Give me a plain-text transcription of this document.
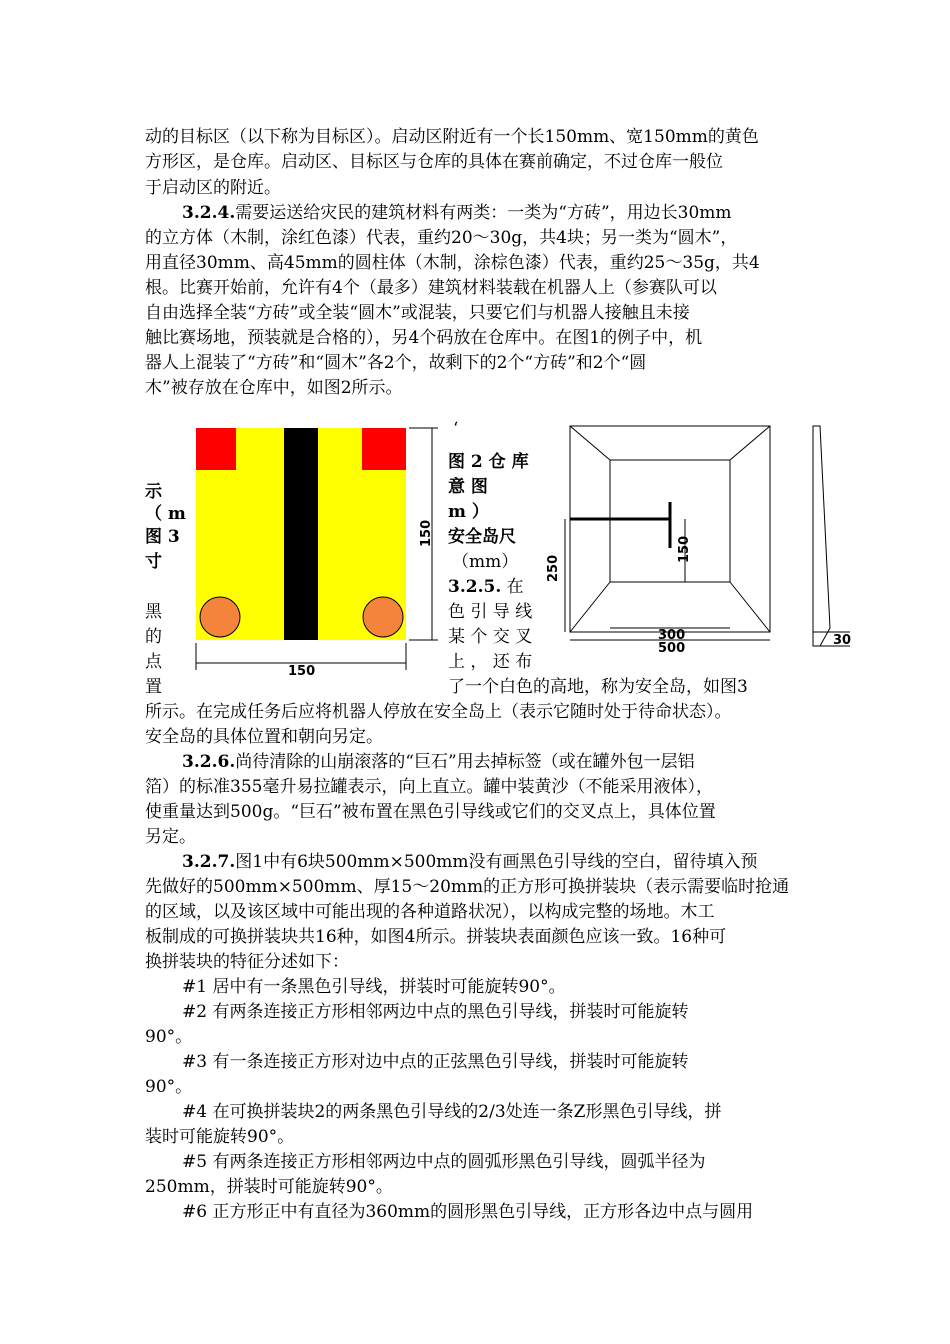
动的目标区（以下称为目标区）。启动区附近有一个长150mm、宽150mm的黄色
方形区，是仓库。启动区、目标区与仓库的具体在赛前确定，不过仓库一般位
于启动区的附近。
3.2.4.需要运送给灾民的建筑材料有两类：一类为“方砖”，用边长30mm
的立方体（木制，涂红色漆）代表，重约20～30g，共4块；另一类为“圆木”，
用直径30mm、高45mm的圆柱体（木制，涂棕色漆）代表，重约25～35g，共4
根。比赛开始前，允许有4个（最多）建筑材料装载在机器人上（参赛队可以
自由选择全装“方砖”或全装“圆木”或混装，只要它们与机器人接触且未接
触比赛场地，预装就是合格的），另4个码放在仓库中。在图1的例子中，机
器人上混装了“方砖”和“圆木”各2个，故剩下的2个“方砖”和2个“圆
木”被存放在仓库中，如图2所示。
150
150
‘
图 2 仓 库
意 图
m ）
安全岛尺
（mm）
3.2.5. 在
色 引 导 线
某 个 交 叉
上 ， 还 布
示
（ m
图 3
寸
黑
的
点
置
150
250
300
500
30
了一个白色的高地，称为安全岛，如图3
所示。在完成任务后应将机器人停放在安全岛上（表示它随时处于待命状态）。
安全岛的具体位置和朝向另定。
3.2.6.尚待清除的山崩滚落的“巨石”用去掉标签（或在罐外包一层铝
箔）的标准355毫升易拉罐表示，向上直立。罐中装黄沙（不能采用液体），
使重量达到500g。“巨石”被布置在黑色引导线或它们的交叉点上，具体位置
另定。
3.2.7.图1中有6块500mm×500mm没有画黑色引导线的空白，留待填入预
先做好的500mm×500mm、厚15～20mm的正方形可换拼装块（表示需要临时抢通
的区域，以及该区域中可能出现的各种道路状况），以构成完整的场地。木工
板制成的可换拼装块共16种，如图4所示。拼装块表面颜色应该一致。16种可
换拼装块的特征分述如下：
#1 居中有一条黑色引导线，拼装时可能旋转90°。
#2 有两条连接正方形相邻两边中点的黑色引导线，拼装时可能旋转
90°。
#3 有一条连接正方形对边中点的正弦黑色引导线，拼装时可能旋转
90°。
#4 在可换拼装块2的两条黑色引导线的2/3处连一条Z形黑色引导线，拼
装时可能旋转90°。
#5 有两条连接正方形相邻两边中点的圆弧形黑色引导线，圆弧半径为
250mm，拼装时可能旋转90°。
#6 正方形正中有直径为360mm的圆形黑色引导线，正方形各边中点与圆用
